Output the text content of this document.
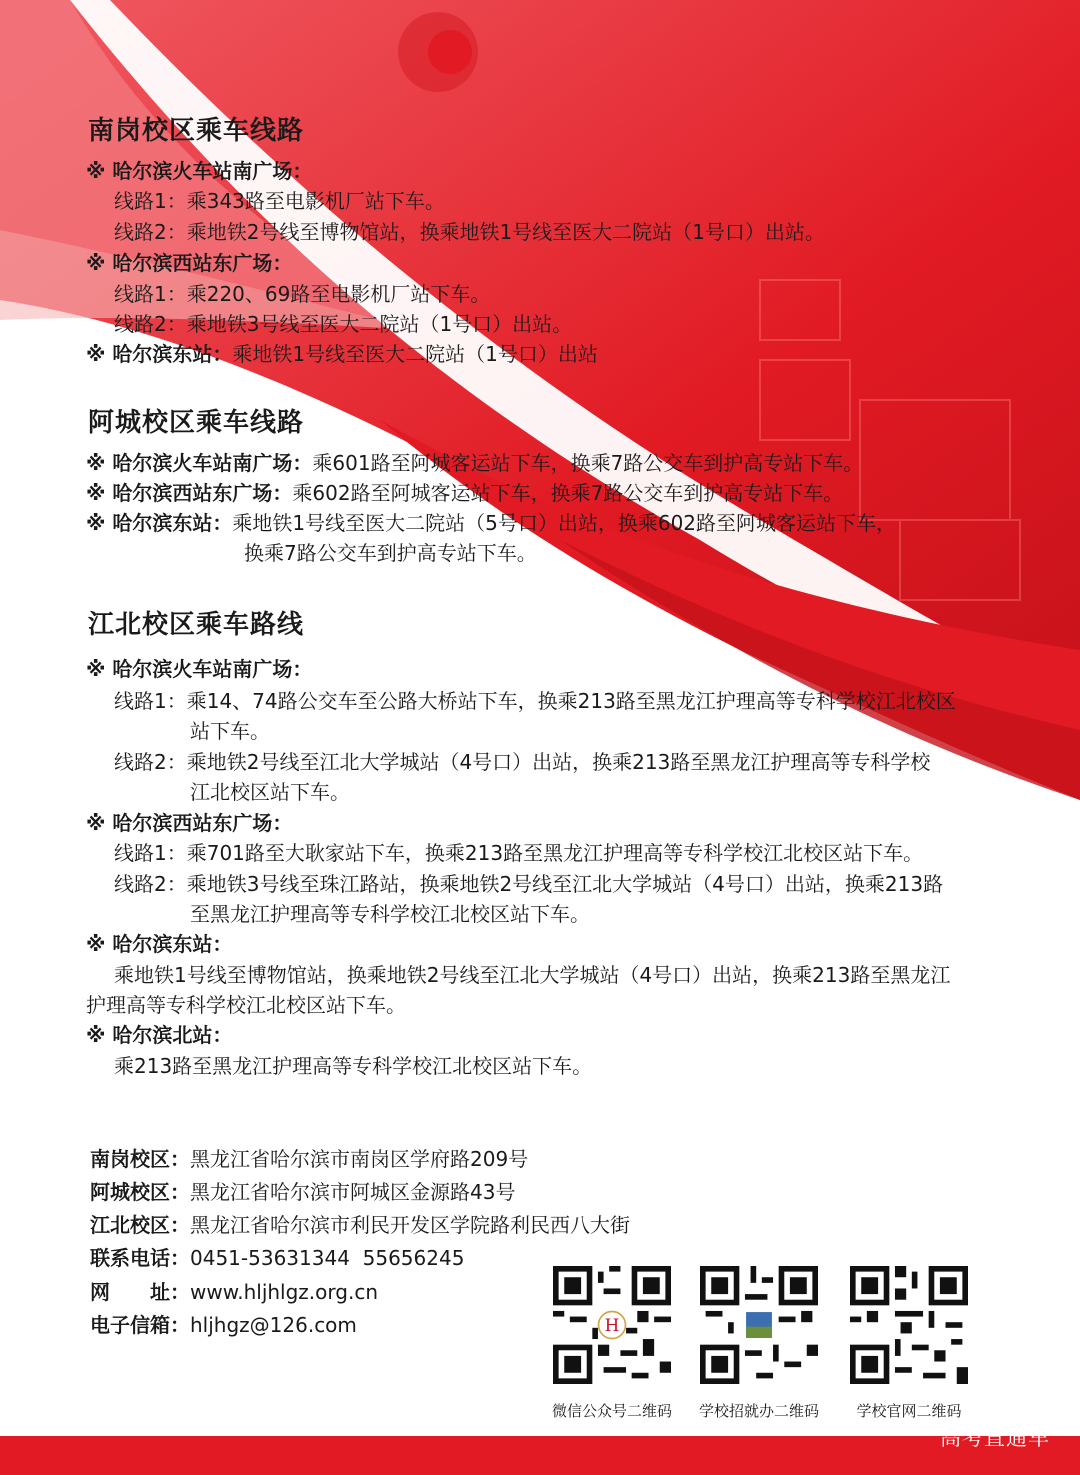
南岗校区乘车线路
※ 哈尔滨火车站南广场：
线路1：乘343路至电影机厂站下车。
线路2：乘地铁2号线至博物馆站，换乘地铁1号线至医大二院站（1号口）出站。
※ 哈尔滨西站东广场：
线路1：乘220、69路至电影机厂站下车。
线路2：乘地铁3号线至医大二院站（1号口）出站。
※ 哈尔滨东站：乘地铁1号线至医大二院站（1号口）出站
阿城校区乘车线路
※ 哈尔滨火车站南广场：乘601路至阿城客运站下车，换乘7路公交车到护高专站下车。
※ 哈尔滨西站东广场：乘602路至阿城客运站下车，换乘7路公交车到护高专站下车。
※ 哈尔滨东站：乘地铁1号线至医大二院站（5号口）出站，换乘602路至阿城客运站下车，
换乘7路公交车到护高专站下车。
江北校区乘车路线
※ 哈尔滨火车站南广场：
线路1：乘14、74路公交车至公路大桥站下车，换乘213路至黑龙江护理高等专科学校江北校区
站下车。
线路2：乘地铁2号线至江北大学城站（4号口）出站，换乘213路至黑龙江护理高等专科学校
江北校区站下车。
※ 哈尔滨西站东广场：
线路1：乘701路至大耿家站下车，换乘213路至黑龙江护理高等专科学校江北校区站下车。
线路2：乘地铁3号线至珠江路站，换乘地铁2号线至江北大学城站（4号口）出站，换乘213路
至黑龙江护理高等专科学校江北校区站下车。
※ 哈尔滨东站：
乘地铁1号线至博物馆站，换乘地铁2号线至江北大学城站（4号口）出站，换乘213路至黑龙江
护理高等专科学校江北校区站下车。
※ 哈尔滨北站：
乘213路至黑龙江护理高等专科学校江北校区站下车。
南岗校区：黑龙江省哈尔滨市南岗区学府路209号
阿城校区：黑龙江省哈尔滨市阿城区金源路43号
江北校区：黑龙江省哈尔滨市利民开发区学院路利民西八大街
联系电话：0451-53631344  55656245
网　　址：www.hljhlgz.org.cn
电子信箱：hljhgz@126.com	H
微信公众号二维码	学校招就办二维码	学校官网二维码
高考直通车
